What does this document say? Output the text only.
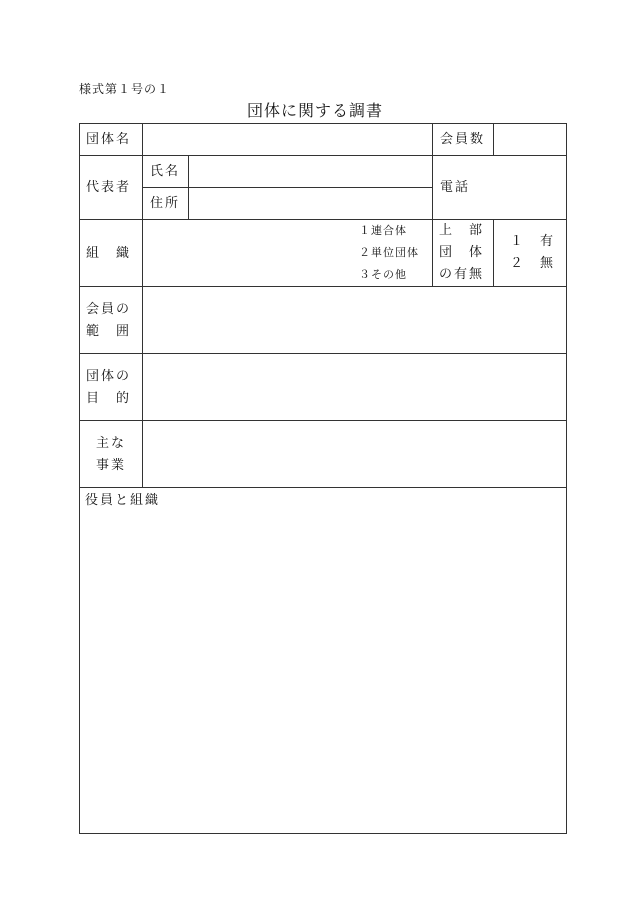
様式第１号の１
団体に関する調書
団体名	会員数
代表者
氏名
住所
電話
組　織
１連合体
２単位団体
３その他
上　部
団　体
の有無
１　有
２　無
会員の
範　囲
団体の
目　的
主な
事業
役員と組織
